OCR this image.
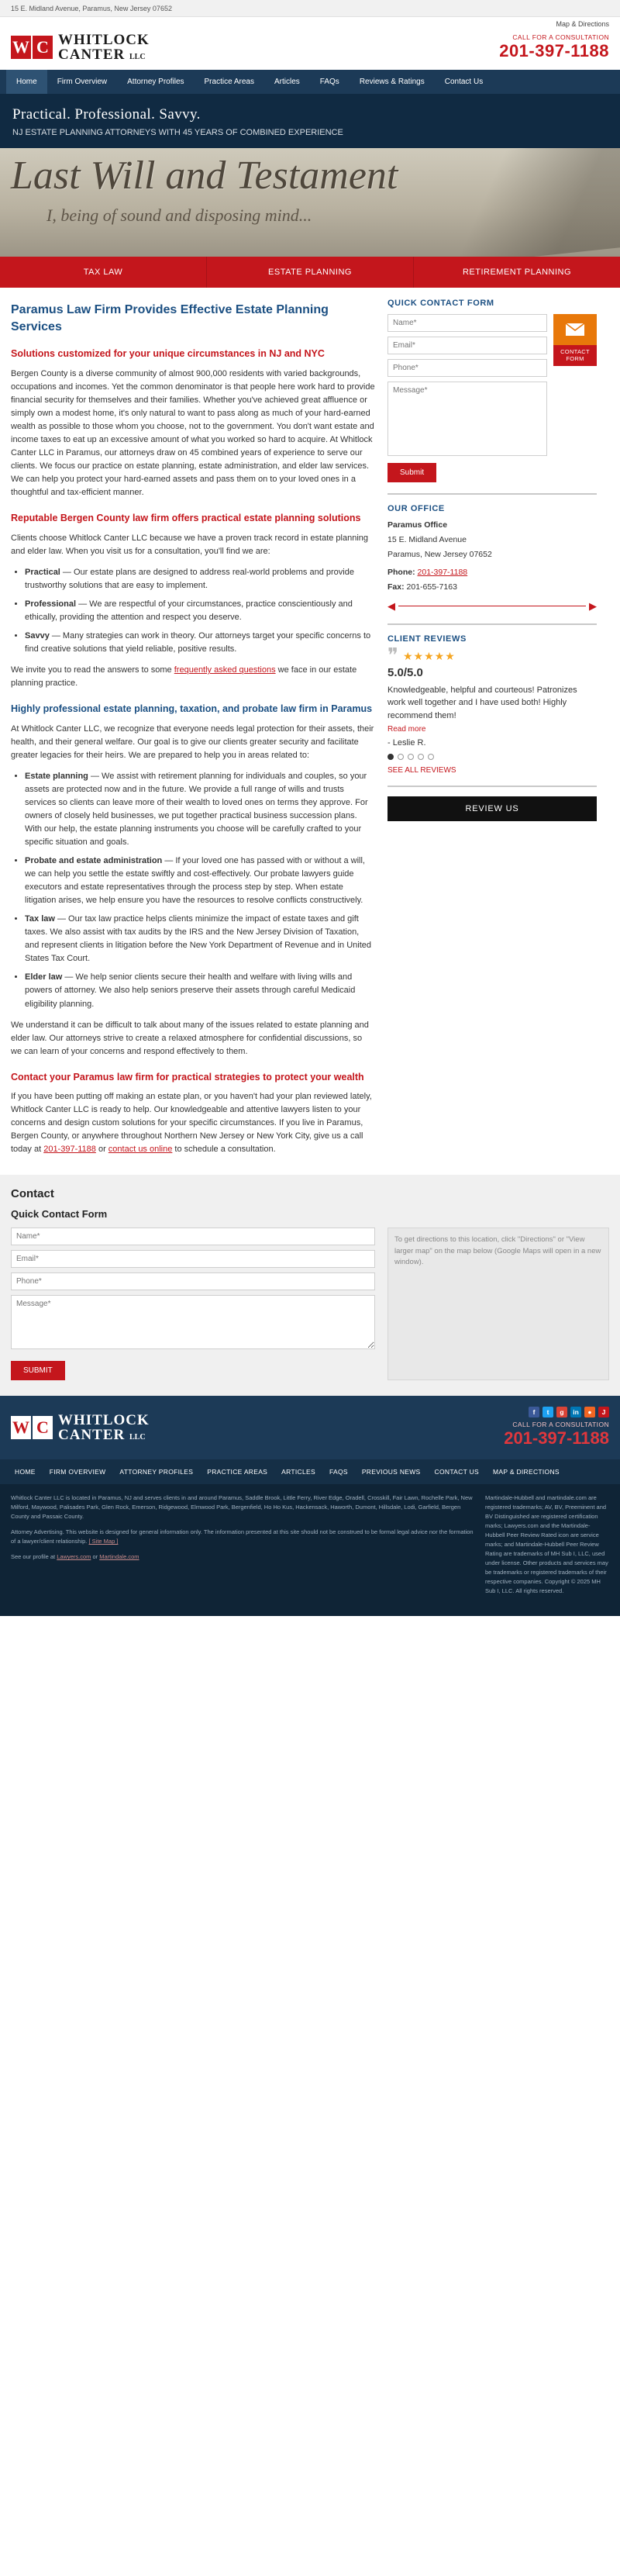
15 E. Midland Avenue, Paramus, New Jersey 07652
Map & Directions
W C WHITLOCK
CANTER LLC
CALL FOR A CONSULTATION
201-397-1188
Home	Firm Overview	Attorney Profiles	Practice Areas	Articles	FAQs	Reviews & Ratings	Contact Us
Practical. Professional. Savvy.

NJ ESTATE PLANNING ATTORNEYS WITH 45 YEARS OF COMBINED EXPERIENCE

Last Will and Testament
I, being of sound and disposing mind...
TAX LAW	ESTATE PLANNING	RETIREMENT PLANNING
Paramus Law Firm Provides Effective Estate Planning Services
Solutions customized for your unique circumstances in NJ and NYC

Bergen County is a diverse community of almost 900,000 residents with varied backgrounds, occupations and incomes. Yet the common denominator is that people here work hard to provide financial security for themselves and their families. Whether you've achieved great affluence or simply own a modest home, it's only natural to want to pass along as much of your hard-earned wealth as possible to those whom you choose, not to the government. You don't want estate and income taxes to eat up an excessive amount of what you worked so hard to acquire. At Whitlock Canter LLC in Paramus, our attorneys draw on 45 combined years of experience to serve our clients. We focus our practice on estate planning, estate administration, and elder law services. We can help you protect your hard-earned assets and pass them on to your loved ones in a thoughtful and tax-efficient manner.

Reputable Bergen County law firm offers practical estate planning solutions

Clients choose Whitlock Canter LLC because we have a proven track record in estate planning and elder law. When you visit us for a consultation, you'll find we are:

• Practical — Our estate plans are designed to address real-world problems and provide trustworthy solutions that are easy to implement.
• Professional — We are respectful of your circumstances, practice conscientiously and ethically, providing the attention and respect you deserve.
• Savvy — Many strategies can work in theory. Our attorneys target your specific concerns to find creative solutions that yield reliable, positive results.

We invite you to read the answers to some frequently asked questions we face in our estate planning practice.

Highly professional estate planning, taxation, and probate law firm in Paramus

At Whitlock Canter LLC, we recognize that everyone needs legal protection for their assets, their health, and their general welfare. Our goal is to give our clients greater security and facilitate greater legacies for their heirs. We are prepared to help you in areas related to:

• Estate planning — We assist with retirement planning for individuals and couples, so your assets are protected now and in the future. We provide a full range of wills and trusts services so clients can leave more of their wealth to loved ones on terms they approve. For owners of closely held businesses, we put together practical business succession plans. With our help, the estate planning instruments you choose will be carefully crafted to your specific situation and goals.
• Probate and estate administration — If your loved one has passed with or without a will, we can help you settle the estate swiftly and cost-effectively. Our probate lawyers guide executors and estate representatives through the process step by step. When estate litigation arises, we help ensure you have the resources to resolve conflicts constructively.
• Tax law — Our tax law practice helps clients minimize the impact of estate taxes and gift taxes. We also assist with tax audits by the IRS and the New Jersey Division of Taxation, and represent clients in litigation before the New York Department of Revenue and in United States Tax Court.
• Elder law — We help senior clients secure their health and welfare with living wills and powers of attorney. We also help seniors preserve their assets through careful Medicaid eligibility planning.

We understand it can be difficult to talk about many of the issues related to estate planning and elder law. Our attorneys strive to create a relaxed atmosphere for confidential discussions, so we can learn of your concerns and respond effectively to them.

Contact your Paramus law firm for practical strategies to protect your wealth

If you have been putting off making an estate plan, or you haven't had your plan reviewed lately, Whitlock Canter LLC is ready to help. Our knowledgeable and attentive lawyers listen to your concerns and design custom solutions for your specific circumstances. If you live in Paramus, Bergen County, or anywhere throughout Northern New Jersey or New York City, give us a call today at 201-397-1188 or contact us online to schedule a consultation.

QUICK CONTACT FORM
Name* Email* Phone* Message*
CONTACT FORM
Submit
OUR OFFICE

Paramus Office

15 E. Midland Avenue

Paramus, New Jersey 07652

Phone: 201-397-1188

Fax: 201-655-7163

◀	▶
CLIENT REVIEWS
❞ ★★★★★
5.0/5.0
Knowledgeable, helpful and courteous! Patronizes work well together and I have used both! Highly recommend them!
Read more
- Leslie R.
SEE ALL REVIEWS
REVIEW US
Contact
Quick Contact Form
Name* Email* Phone* Message* SUBMIT
To get directions to this location, click "Directions" or "View larger map" on the map below (Google Maps will open in a new window).
W C WHITLOCK
CANTER LLC
f	t	g	in	●	J
CALL FOR A CONSULTATION
201-397-1188
HOME	FIRM OVERVIEW	ATTORNEY PROFILES	PRACTICE AREAS	ARTICLES	FAQS	PREVIOUS NEWS	CONTACT US	MAP & DIRECTIONS

Whitlock Canter LLC is located in Paramus, NJ and serves clients in and around Paramus, Saddle Brook, Little Ferry, River Edge, Oradell, Crosskill, Fair Lawn, Rochelle Park, New Milford, Maywood, Palisades Park, Glen Rock, Emerson, Ridgewood, Elmwood Park, Bergenfield, Ho Ho Kus, Hackensack, Haworth, Dumont, Hillsdale, Lodi, Garfield, Bergen County and Passaic County.

Attorney Advertising. This website is designed for general information only. The information presented at this site should not be construed to be formal legal advice nor the formation of a lawyer/client relationship. [ Site Map ]

See our profile at Lawyers.com or Martindale.com

Martindale-Hubbell and martindale.com are registered trademarks; AV, BV, Preeminent and BV Distinguished are registered certification marks; Lawyers.com and the Martindale-Hubbell Peer Review Rated icon are service marks; and Martindale-Hubbell Peer Review Rating are trademarks of MH Sub I, LLC, used under license. Other products and services may be trademarks or registered trademarks of their respective companies. Copyright © 2025 MH Sub I, LLC. All rights reserved.
